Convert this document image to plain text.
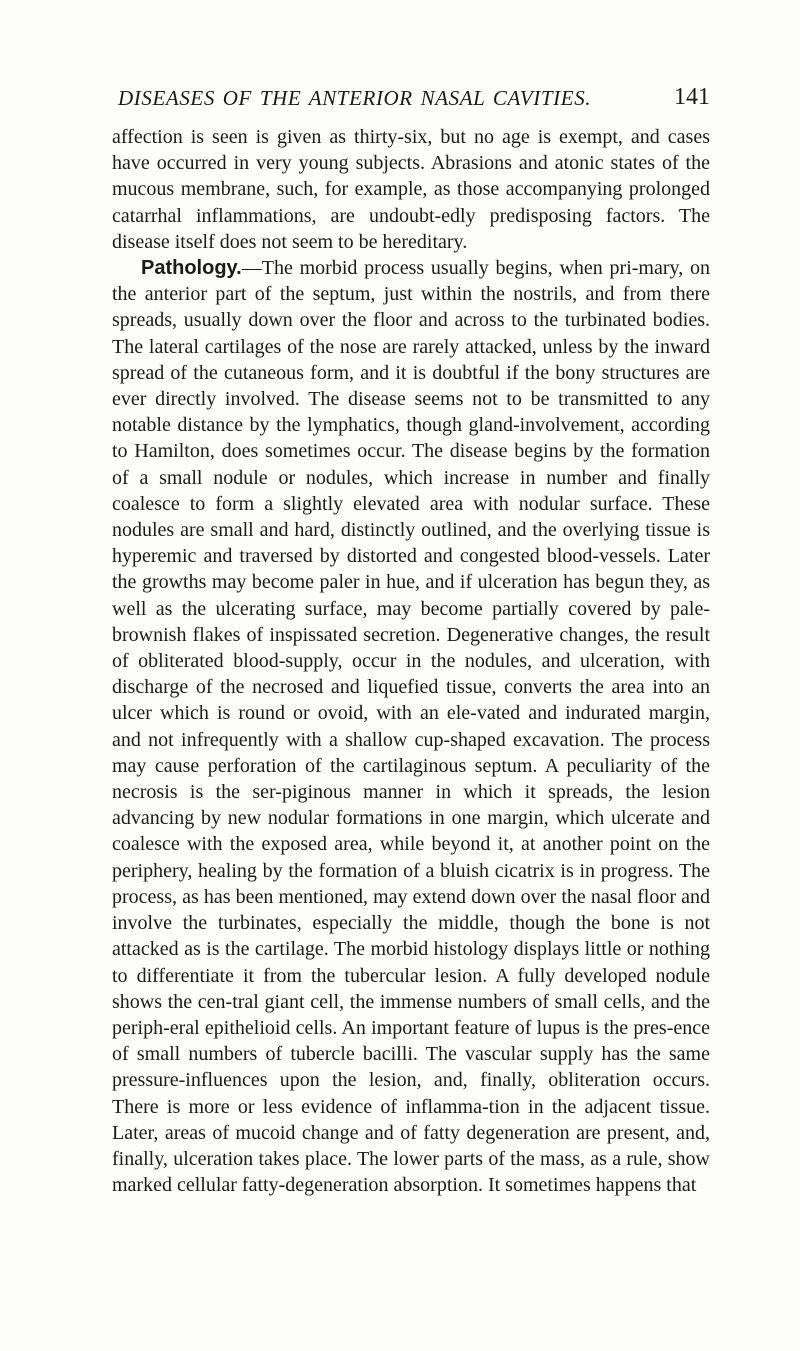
DISEASES OF THE ANTERIOR NASAL CAVITIES.	141

affection is seen is given as thirty-six, but no age is exempt, and cases have occurred in very young subjects. Abrasions and atonic states of the mucous membrane, such, for example, as those accompanying prolonged catarrhal inflammations, are undoubt-edly predisposing factors. The disease itself does not seem to be hereditary.

Pathology.—The morbid process usually begins, when pri-mary, on the anterior part of the septum, just within the nostrils, and from there spreads, usually down over the floor and across to the turbinated bodies. The lateral cartilages of the nose are rarely attacked, unless by the inward spread of the cutaneous form, and it is doubtful if the bony structures are ever directly involved. The disease seems not to be transmitted to any notable distance by the lymphatics, though gland-involvement, according to Hamilton, does sometimes occur. The disease begins by the formation of a small nodule or nodules, which increase in number and finally coalesce to form a slightly elevated area with nodular surface. These nodules are small and hard, distinctly outlined, and the overlying tissue is hyperemic and traversed by distorted and congested blood-vessels. Later the growths may become paler in hue, and if ulceration has begun they, as well as the ulcerating surface, may become partially covered by pale-brownish flakes of inspissated secretion. Degenerative changes, the result of obliterated blood-supply, occur in the nodules, and ulceration, with discharge of the necrosed and liquefied tissue, converts the area into an ulcer which is round or ovoid, with an ele-vated and indurated margin, and not infrequently with a shallow cup-shaped excavation. The process may cause perforation of the cartilaginous septum. A peculiarity of the necrosis is the ser-piginous manner in which it spreads, the lesion advancing by new nodular formations in one margin, which ulcerate and coalesce with the exposed area, while beyond it, at another point on the periphery, healing by the formation of a bluish cicatrix is in progress. The process, as has been mentioned, may extend down over the nasal floor and involve the turbinates, especially the middle, though the bone is not attacked as is the cartilage. The morbid histology displays little or nothing to differentiate it from the tubercular lesion. A fully developed nodule shows the cen-tral giant cell, the immense numbers of small cells, and the periph-eral epithelioid cells. An important feature of lupus is the pres-ence of small numbers of tubercle bacilli. The vascular supply has the same pressure-influences upon the lesion, and, finally, obliteration occurs. There is more or less evidence of inflamma-tion in the adjacent tissue. Later, areas of mucoid change and of fatty degeneration are present, and, finally, ulceration takes place. The lower parts of the mass, as a rule, show marked cellular fatty-degeneration absorption. It sometimes happens that
